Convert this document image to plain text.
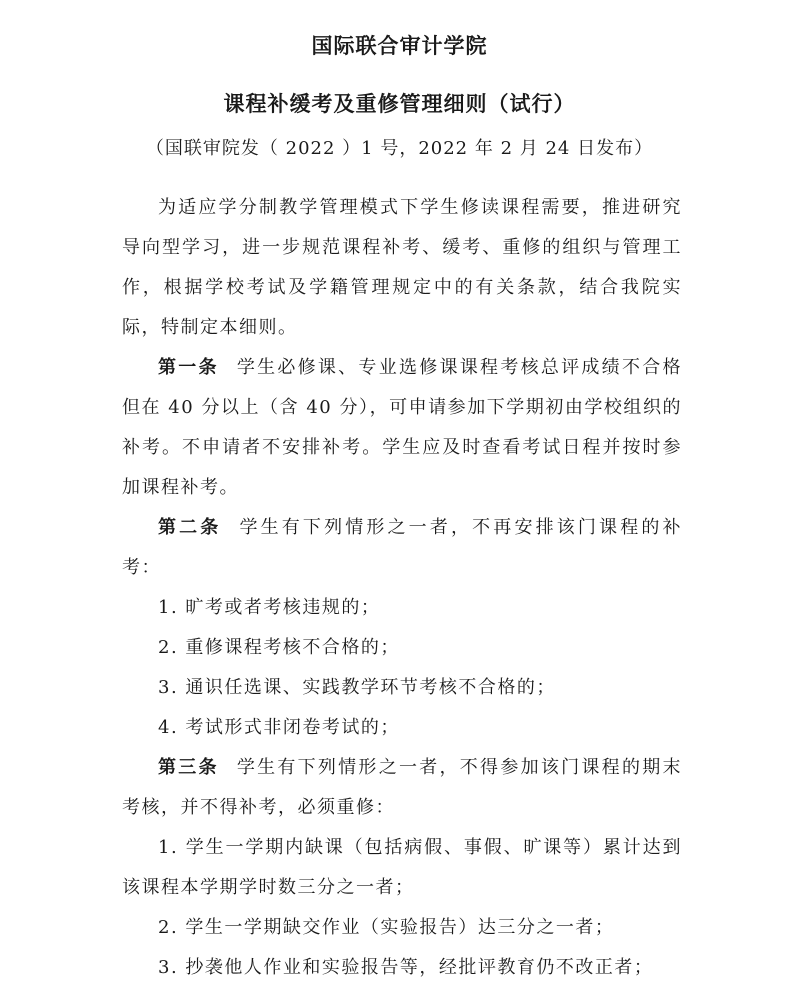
国际联合审计学院
课程补缓考及重修管理细则（试行）
（国联审院发（ 2022 ）1 号，2022 年 2 月 24 日发布）

为适应学分制教学管理模式下学生修读课程需要，推进研究导向型学习，进一步规范课程补考、缓考、重修的组织与管理工作，根据学校考试及学籍管理规定中的有关条款，结合我院实际，特制定本细则。

第一条 学生必修课、专业选修课课程考核总评成绩不合格但在 40 分以上（含 40 分），可申请参加下学期初由学校组织的补考。不申请者不安排补考。学生应及时查看考试日程并按时参加课程补考。

第二条 学生有下列情形之一者，不再安排该门课程的补考：

1. 旷考或者考核违规的；

2. 重修课程考核不合格的；

3. 通识任选课、实践教学环节考核不合格的；

4. 考试形式非闭卷考试的；

第三条 学生有下列情形之一者，不得参加该门课程的期末考核，并不得补考，必须重修：

1. 学生一学期内缺课（包括病假、事假、旷课等）累计达到该课程本学期学时数三分之一者；

2. 学生一学期缺交作业（实验报告）达三分之一者；

3. 抄袭他人作业和实验报告等，经批评教育仍不改正者；
